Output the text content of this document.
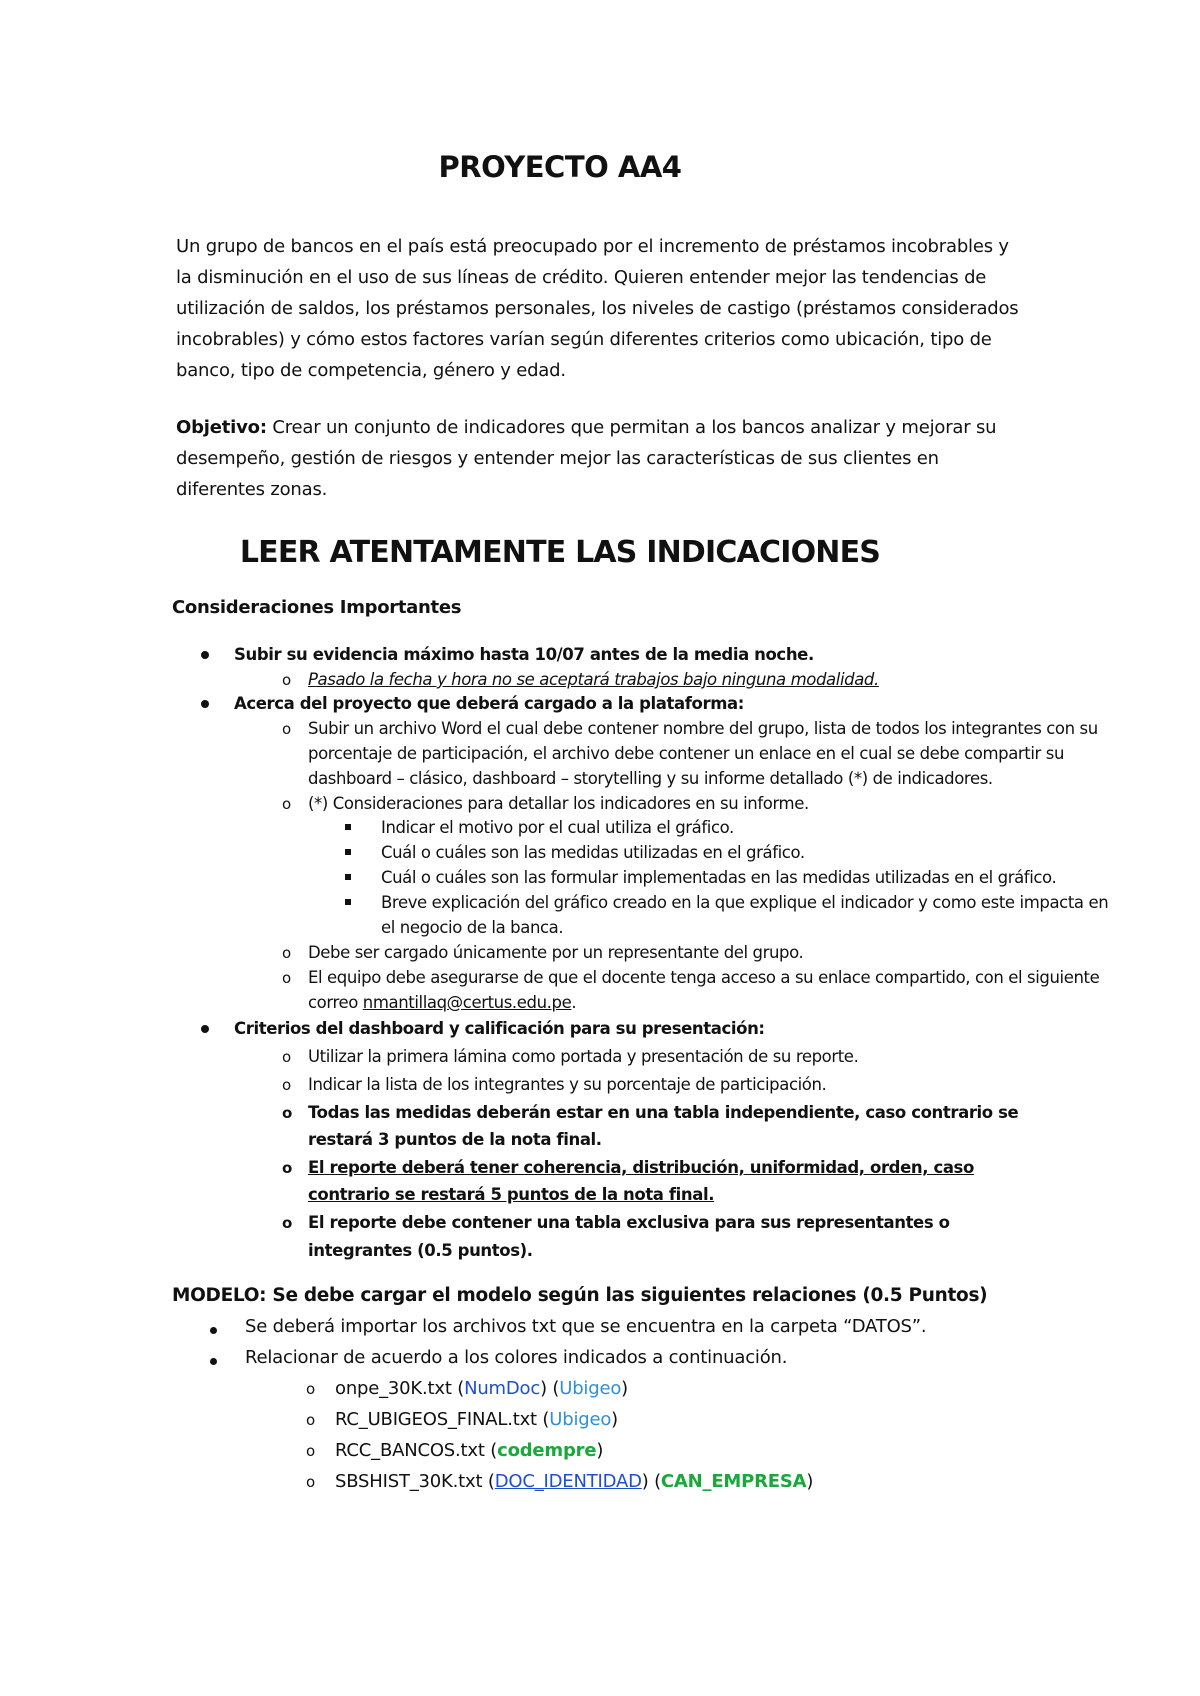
PROYECTO AA4
Un grupo de bancos en el país está preocupado por el incremento de préstamos incobrables y
la disminución en el uso de sus líneas de crédito. Quieren entender mejor las tendencias de
utilización de saldos, los préstamos personales, los niveles de castigo (préstamos considerados
incobrables) y cómo estos factores varían según diferentes criterios como ubicación, tipo de
banco, tipo de competencia, género y edad.
Objetivo: Crear un conjunto de indicadores que permitan a los bancos analizar y mejorar su
desempeño, gestión de riesgos y entender mejor las características de sus clientes en
diferentes zonas.
LEER ATENTAMENTE LAS INDICACIONES
Consideraciones Importantes
Subir su evidencia máximo hasta 10/07 antes de la media noche.
o Pasado la fecha y hora no se aceptará trabajos bajo ninguna modalidad.
Acerca del proyecto que deberá cargado a la plataforma:
o Subir un archivo Word el cual debe contener nombre del grupo, lista de todos los integrantes con su
porcentaje de participación, el archivo debe contener un enlace en el cual se debe compartir su
dashboard – clásico, dashboard – storytelling y su informe detallado (*) de indicadores.
o (*) Consideraciones para detallar los indicadores en su informe.
Indicar el motivo por el cual utiliza el gráfico.
Cuál o cuáles son las medidas utilizadas en el gráfico.
Cuál o cuáles son las formular implementadas en las medidas utilizadas en el gráfico.
Breve explicación del gráfico creado en la que explique el indicador y como este impacta en
el negocio de la banca.
o Debe ser cargado únicamente por un representante del grupo.
o El equipo debe asegurarse de que el docente tenga acceso a su enlace compartido, con el siguiente
correo nmantillaq@certus.edu.pe.
Criterios del dashboard y calificación para su presentación:
o Utilizar la primera lámina como portada y presentación de su reporte.
o Indicar la lista de los integrantes y su porcentaje de participación.
o Todas las medidas deberán estar en una tabla independiente, caso contrario se
restará 3 puntos de la nota final.
o El reporte deberá tener coherencia, distribución, uniformidad, orden, caso
contrario se restará 5 puntos de la nota final.
o El reporte debe contener una tabla exclusiva para sus representantes o
integrantes (0.5 puntos).
MODELO: Se debe cargar el modelo según las siguientes relaciones (0.5 Puntos)
Se deberá importar los archivos txt que se encuentra en la carpeta “DATOS”.
Relacionar de acuerdo a los colores indicados a continuación.
o onpe_30K.txt (NumDoc) (Ubigeo)
o RC_UBIGEOS_FINAL.txt (Ubigeo)
o RCC_BANCOS.txt (codempre)
o SBSHIST_30K.txt (DOC_IDENTIDAD) (CAN_EMPRESA)
